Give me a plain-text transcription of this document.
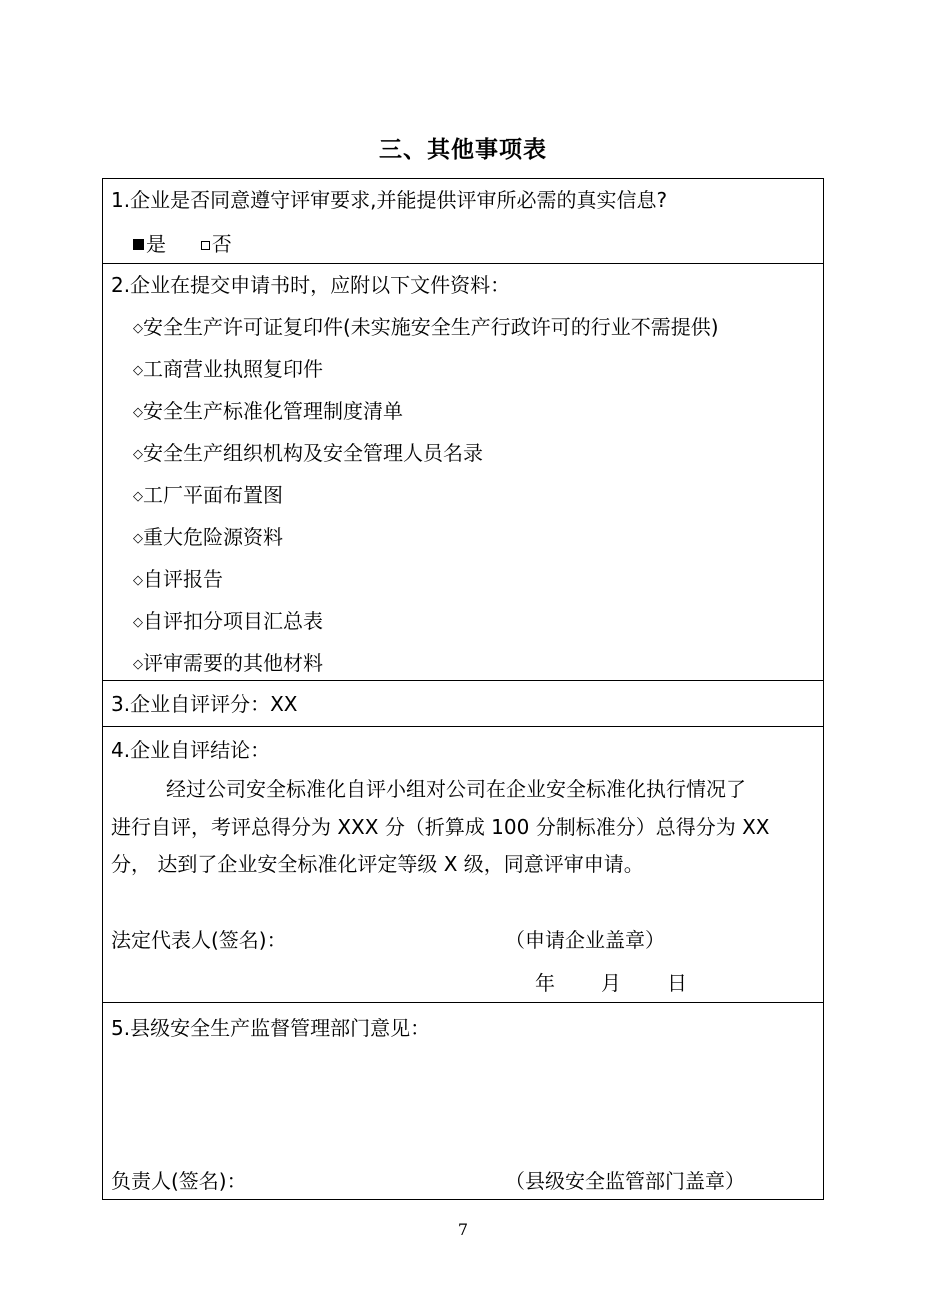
三、其他事项表
1.企业是否同意遵守评审要求,并能提供评审所必需的真实信息?
是 否
2.企业在提交申请书时，应附以下文件资料：
◇安全生产许可证复印件(未实施安全生产行政许可的行业不需提供)
◇工商营业执照复印件
◇安全生产标准化管理制度清单
◇安全生产组织机构及安全管理人员名录
◇工厂平面布置图
◇重大危险源资料
◇自评报告
◇自评扣分项目汇总表
◇评审需要的其他材料
3.企业自评评分：XX
4.企业自评结论：
经过公司安全标准化自评小组对公司在企业安全标准化执行情况了
进行自评，考评总得分为 XXX 分（折算成 100 分制标准分）总得分为 XX
分， 达到了企业安全标准化评定等级 X 级，同意评审申请。
法定代表人(签名)：	（申请企业盖章）
年 月 日
5.县级安全生产监督管理部门意见：
负责人(签名)：	（县级安全监管部门盖章）
7
